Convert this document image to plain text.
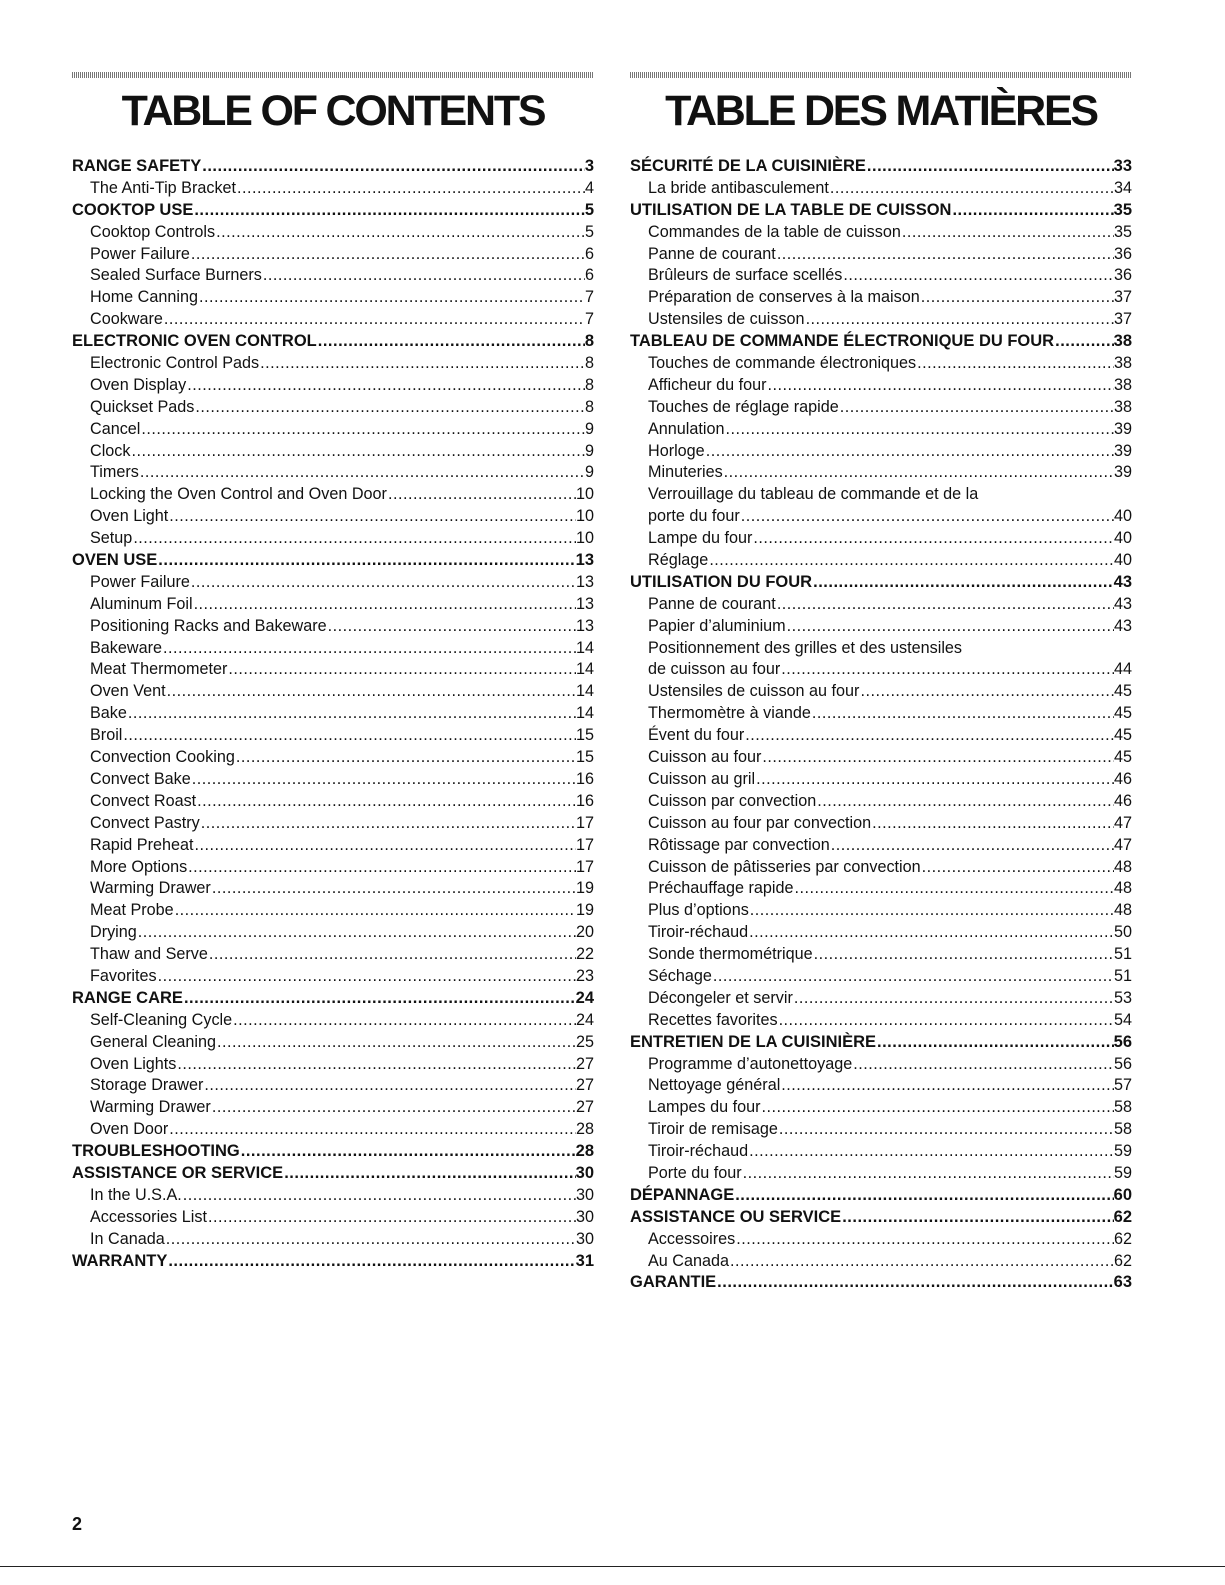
TABLE OF CONTENTS
RANGE SAFETY .....	3
The Anti-Tip Bracket .....	4
COOKTOP USE .....	5
Cooktop Controls .....	5
Power Failure .....	6
Sealed Surface Burners .....	6
Home Canning .....	7
Cookware .....	7
ELECTRONIC OVEN CONTROL .....	8
Electronic Control Pads .....	8
Oven Display .....	8
Quickset Pads .....	8
Cancel .....	9
Clock .....	9
Timers .....	9
Locking the Oven Control and Oven Door .....	10
Oven Light .....	10
Setup .....	10
OVEN USE .....	13
Power Failure .....	13
Aluminum Foil .....	13
Positioning Racks and Bakeware .....	13
Bakeware .....	14
Meat Thermometer .....	14
Oven Vent .....	14
Bake .....	14
Broil .....	15
Convection Cooking .....	15
Convect Bake .....	16
Convect Roast .....	16
Convect Pastry .....	17
Rapid Preheat .....	17
More Options .....	17
Warming Drawer .....	19
Meat Probe .....	19
Drying .....	20
Thaw and Serve .....	22
Favorites .....	23
RANGE CARE .....	24
Self-Cleaning Cycle .....	24
General Cleaning .....	25
Oven Lights .....	27
Storage Drawer .....	27
Warming Drawer .....	27
Oven Door .....	28
TROUBLESHOOTING .....	28
ASSISTANCE OR SERVICE .....	30
In the U.S.A. .....	30
Accessories List .....	30
In Canada .....	30
WARRANTY .....	31
TABLE DES MATIÈRES
SÉCURITÉ DE LA CUISINIÈRE .....	33
La bride antibasculement .....	34
UTILISATION DE LA TABLE DE CUISSON .....	35
Commandes de la table de cuisson .....	35
Panne de courant .....	36
Brûleurs de surface scellés .....	36
Préparation de conserves à la maison .....	37
Ustensiles de cuisson .....	37
TABLEAU DE COMMANDE ÉLECTRONIQUE DU FOUR .....	38
Touches de commande électroniques .....	38
Afficheur du four .....	38
Touches de réglage rapide .....	38
Annulation .....	39
Horloge .....	39
Minuteries .....	39
Verrouillage du tableau de commande et de la
porte du four .....	40
Lampe du four .....	40
Réglage .....	40
UTILISATION DU FOUR .....	43
Panne de courant .....	43
Papier d’aluminium .....	43
Positionnement des grilles et des ustensiles
de cuisson au four .....	44
Ustensiles de cuisson au four .....	45
Thermomètre à viande .....	45
Évent du four .....	45
Cuisson au four .....	45
Cuisson au gril .....	46
Cuisson par convection .....	46
Cuisson au four par convection .....	47
Rôtissage par convection .....	47
Cuisson de pâtisseries par convection .....	48
Préchauffage rapide .....	48
Plus d’options .....	48
Tiroir-réchaud .....	50
Sonde thermométrique .....	51
Séchage .....	51
Décongeler et servir .....	53
Recettes favorites .....	54
ENTRETIEN DE LA CUISINIÈRE .....	56
Programme d’autonettoyage .....	56
Nettoyage général .....	57
Lampes du four .....	58
Tiroir de remisage .....	58
Tiroir-réchaud .....	59
Porte du four .....	59
DÉPANNAGE .....	60
ASSISTANCE OU SERVICE .....	62
Accessoires .....	62
Au Canada .....	62
GARANTIE .....	63
2
